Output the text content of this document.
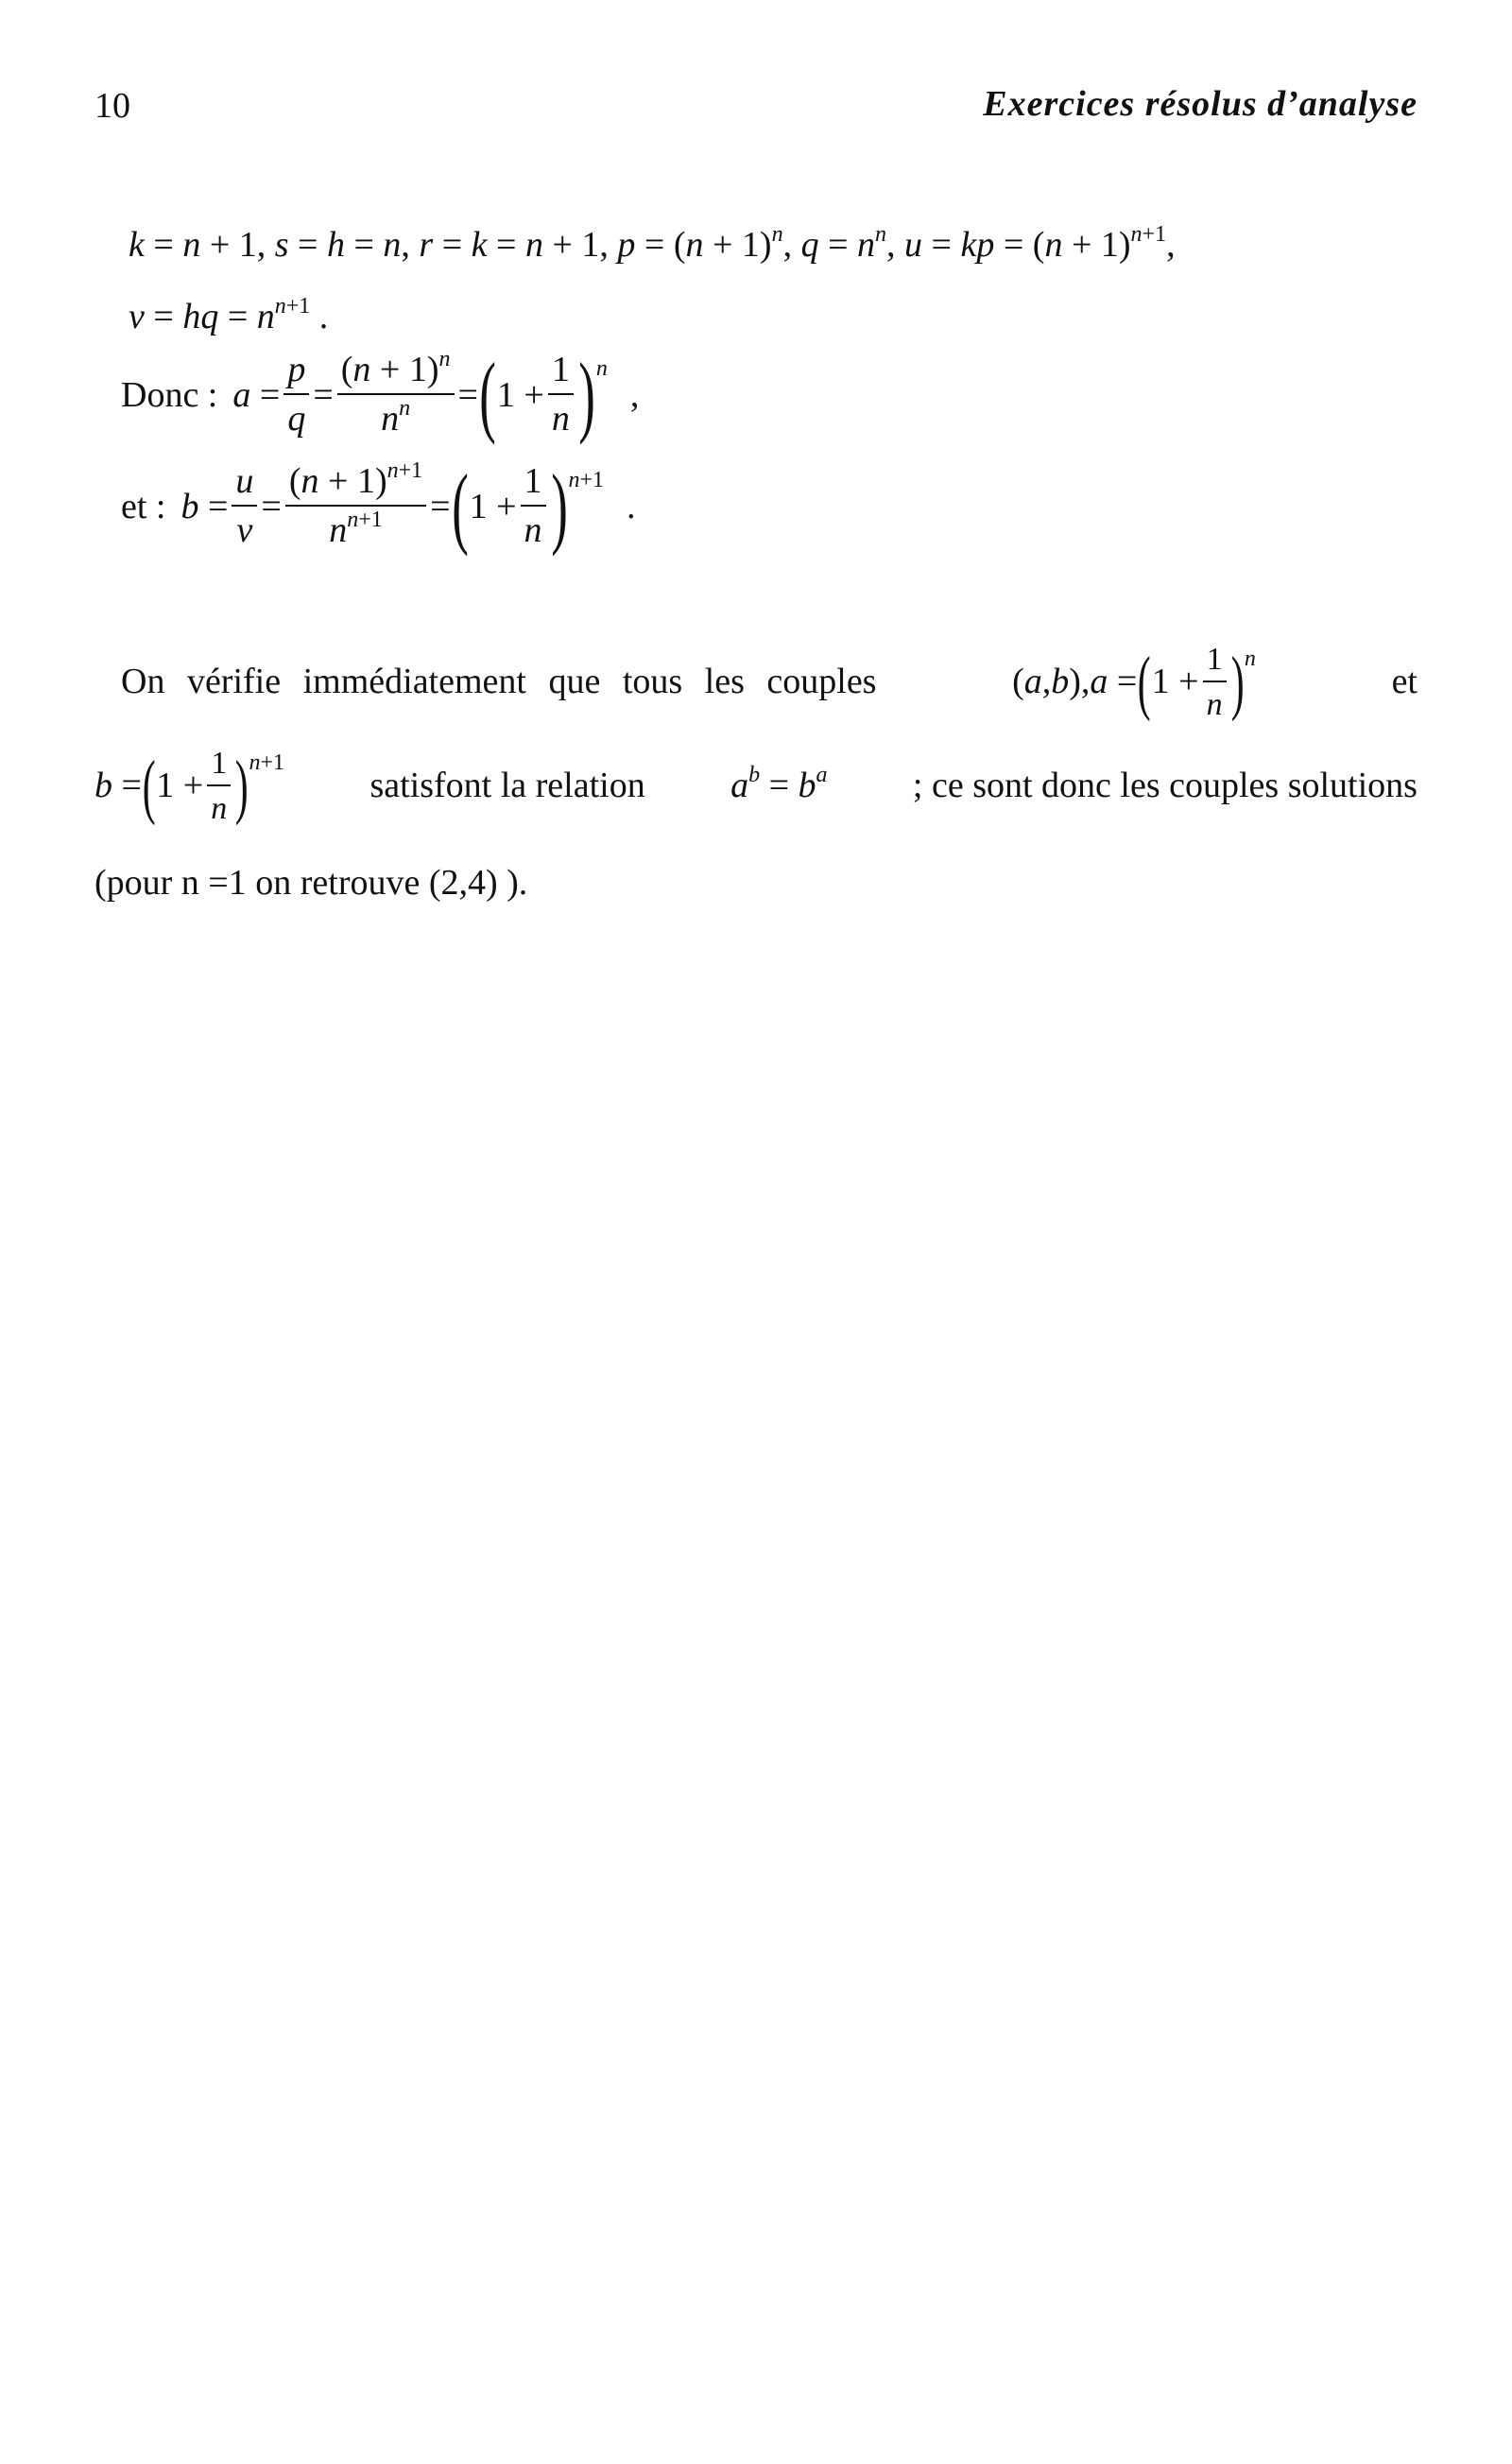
10	Exercices résolus d’analyse
k = n + 1, s = h = n, r = k = n + 1, $p = (n + 1)^n$, $q = n^n$, u = kp = $(n + 1)^{n+1}$,
v = hq = $n^{n+1}$ .
Donc : $a = \frac{p}{q} = \frac{(n + 1)^n}{n^n}$ = ( $1 + \frac{1}{n}$ ) n
,
et : $b = \frac{u}{v} = \frac{(n + 1)^{n+1}}{n^{n+1}}$ = ( $1 + \frac{1}{n}$ ) n+1
.
On vérifie immédiatement que tous les couples	( a , b ), a = ( $1 + \frac{1}{n}$ ) n
et
b = ( $1 + \frac{1}{n}$ ) n+1
satisfont la relation $a^b = b^a$ ; ce sont donc les couples solutions
(pour n =1 on retrouve (2,4) ).
